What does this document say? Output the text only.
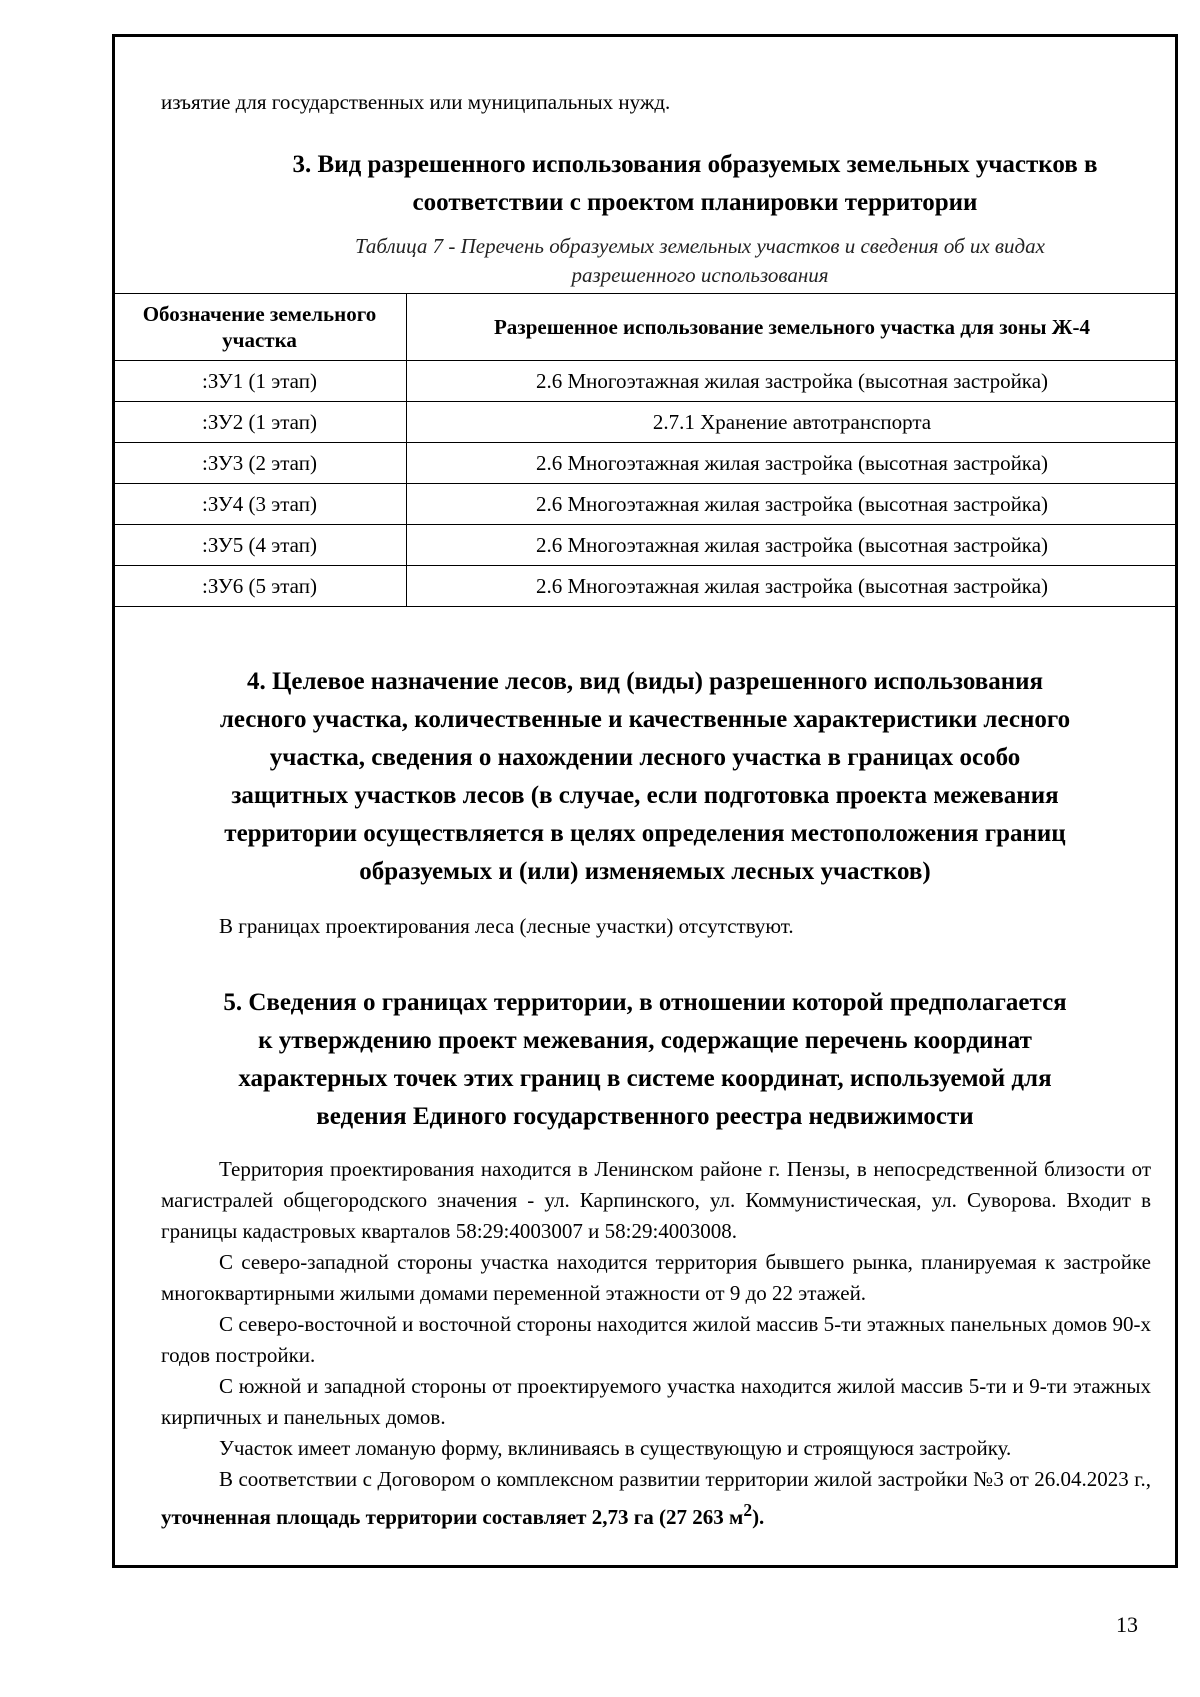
изъятие для государственных или муниципальных нужд.
3. Вид разрешенного использования образуемых земельных участков в
соответствии с проектом планировки территории
Таблица 7 - Перечень образуемых земельных участков и сведения об их видах
разрешенного использования
Обозначение земельного
участка	Разрешенное использование земельного участка для зоны Ж-4
:ЗУ1 (1 этап)	2.6 Многоэтажная жилая застройка (высотная застройка)
:ЗУ2 (1 этап)	2.7.1 Хранение автотранспорта
:ЗУ3 (2 этап)	2.6 Многоэтажная жилая застройка (высотная застройка)
:ЗУ4 (3 этап)	2.6 Многоэтажная жилая застройка (высотная застройка)
:ЗУ5 (4 этап)	2.6 Многоэтажная жилая застройка (высотная застройка)
:ЗУ6 (5 этап)	2.6 Многоэтажная жилая застройка (высотная застройка)
4. Целевое назначение лесов, вид (виды) разрешенного использования
лесного участка, количественные и качественные характеристики лесного
участка, сведения о нахождении лесного участка в границах особо
защитных участков лесов (в случае, если подготовка проекта межевания
территории осуществляется в целях определения местоположения границ
образуемых и (или) изменяемых лесных участков)

В границах проектирования леса (лесные участки) отсутствуют.

5. Сведения о границах территории, в отношении которой предполагается
к утверждению проект межевания, содержащие перечень координат
характерных точек этих границ в системе координат, используемой для
ведения Единого государственного реестра недвижимости

Территория проектирования находится в Ленинском районе г. Пензы, в непосредственной близости от магистралей общегородского значения - ул. Карпинского, ул. Коммунистическая, ул. Суворова. Входит в границы кадастровых кварталов 58:29:4003007 и 58:29:4003008.

С северо-западной стороны участка находится территория бывшего рынка, планируемая к застройке многоквартирными жилыми домами переменной этажности от 9 до 22 этажей.

С северо-восточной и восточной стороны находится жилой массив 5-ти этажных панельных домов 90-х годов постройки.

С южной и западной стороны от проектируемого участка находится жилой массив 5-ти и 9-ти этажных кирпичных и панельных домов.

Участок имеет ломаную форму, вклиниваясь в существующую и строящуюся застройку.

В соответствии с Договором о комплексном развитии территории жилой застройки №3 от 26.04.2023 г., уточненная площадь территории составляет 2,73 га (27 263 $м^2$).

13
